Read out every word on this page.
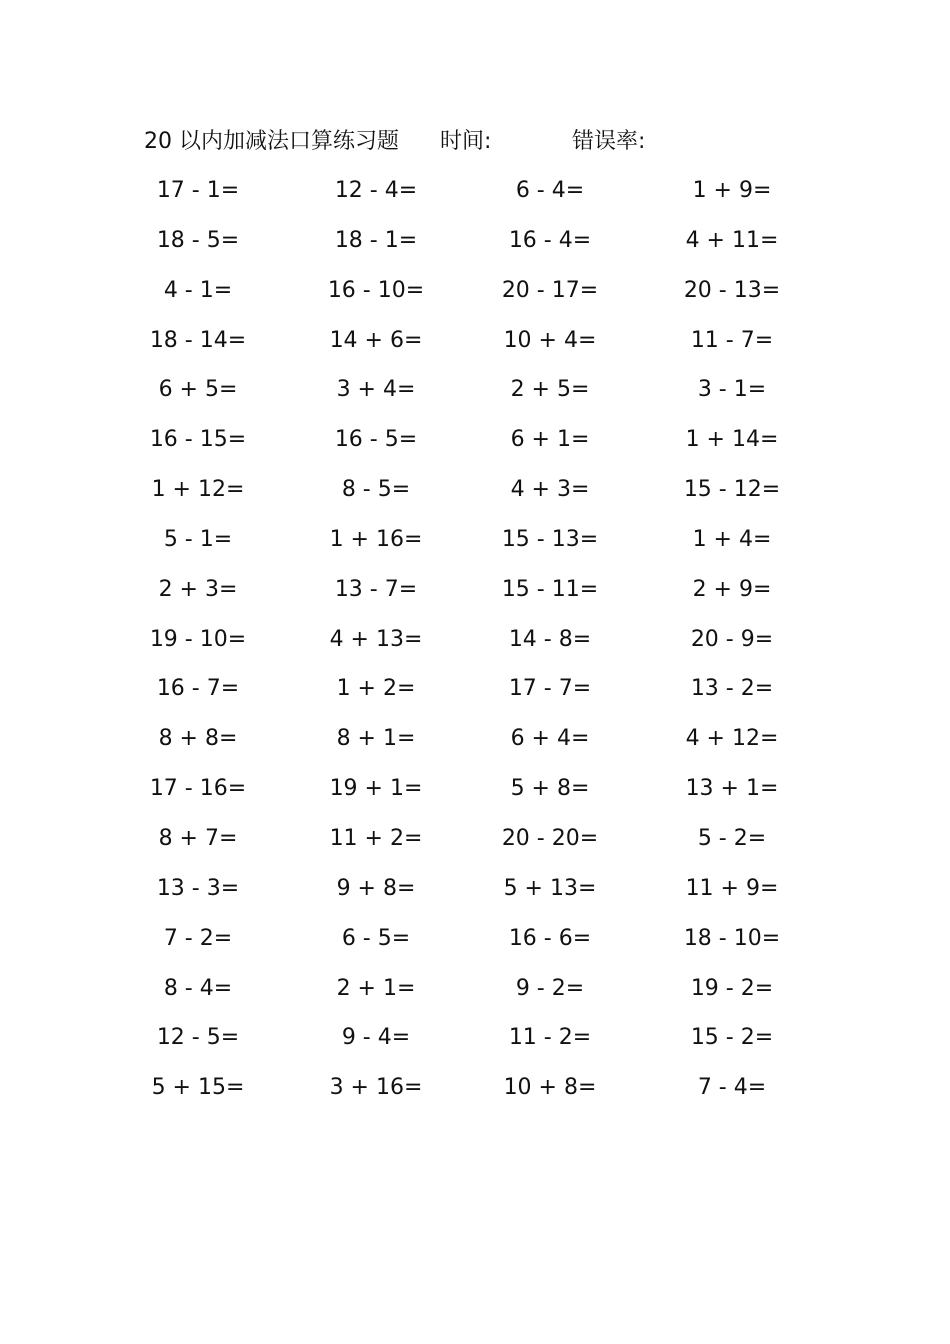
20 以内加减法口算练习题 时间:	错误率:
17 - 1=	12 - 4=	6 - 4=	1 + 9=
18 - 5=	18 - 1=	16 - 4=	4 + 11=
4 - 1=	16 - 10=	20 - 17=	20 - 13=
18 - 14=	14 + 6=	10 + 4=	11 - 7=
6 + 5=	3 + 4=	2 + 5=	3 - 1=
16 - 15=	16 - 5=	6 + 1=	1 + 14=
1 + 12=	8 - 5=	4 + 3=	15 - 12=
5 - 1=	1 + 16=	15 - 13=	1 + 4=
2 + 3=	13 - 7=	15 - 11=	2 + 9=
19 - 10=	4 + 13=	14 - 8=	20 - 9=
16 - 7=	1 + 2=	17 - 7=	13 - 2=
8 + 8=	8 + 1=	6 + 4=	4 + 12=
17 - 16=	19 + 1=	5 + 8=	13 + 1=
8 + 7=	11 + 2=	20 - 20=	5 - 2=
13 - 3=	9 + 8=	5 + 13=	11 + 9=
7 - 2=	6 - 5=	16 - 6=	18 - 10=
8 - 4=	2 + 1=	9 - 2=	19 - 2=
12 - 5=	9 - 4=	11 - 2=	15 - 2=
5 + 15=	3 + 16=	10 + 8=	7 - 4=
